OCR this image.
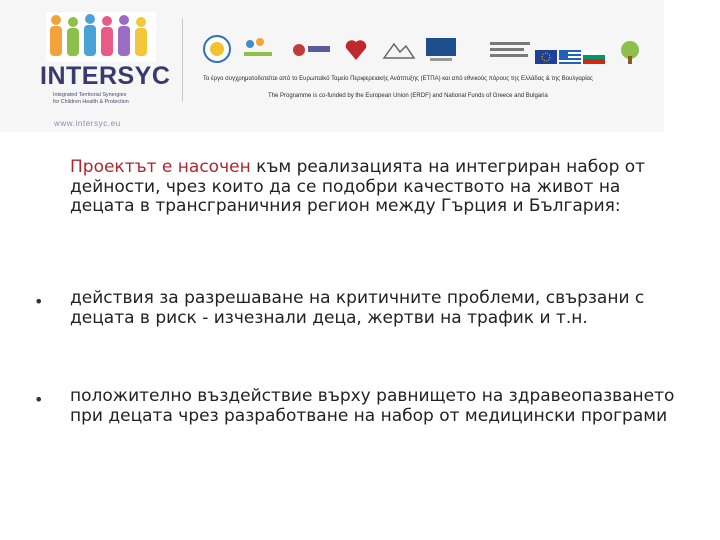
INTERSYC
Integrated Territorial Synergies
for Children Health & Protection
www.intersyc.eu
Το έργο συγχρηματοδοτείται από το Ευρωπαϊκό Ταμείο Περιφερειακής Ανάπτυξης (ΕΤΠΑ) και από εθνικούς πόρους της Ελλάδας & της Βουλγαρίας
The Programme is co-funded by the European Union (ERDF) and National Funds of Greece and Bulgaria
Проектът е насочен към реализацията на интегриран набор от дейности, чрез които да се подобри качеството на живот на децата в трансграничния регион между Гърция и България:
• действия за разрешаване на критичните проблеми, свързани с децата в риск - изчезнали деца, жертви на трафик и т.н.
• положително въздействие върху равнището на здравеопазването при децата чрез разработване на набор от медицински програми
